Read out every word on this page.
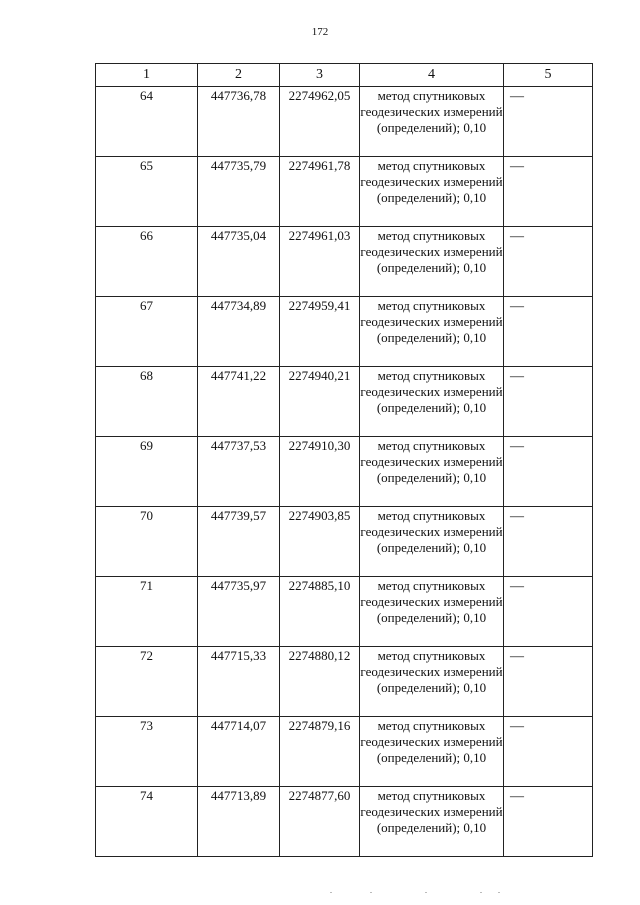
172
1	2	3	4	5
64	447736,78	2274962,05	метод спутниковых геодезических измерений (определений); 0,10	—
65	447735,79	2274961,78	метод спутниковых геодезических измерений (определений); 0,10	—
66	447735,04	2274961,03	метод спутниковых геодезических измерений (определений); 0,10	—
67	447734,89	2274959,41	метод спутниковых геодезических измерений (определений); 0,10	—
68	447741,22	2274940,21	метод спутниковых геодезических измерений (определений); 0,10	—
69	447737,53	2274910,30	метод спутниковых геодезических измерений (определений); 0,10	—
70	447739,57	2274903,85	метод спутниковых геодезических измерений (определений); 0,10	—
71	447735,97	2274885,10	метод спутниковых геодезических измерений (определений); 0,10	—
72	447715,33	2274880,12	метод спутниковых геодезических измерений (определений); 0,10	—
73	447714,07	2274879,16	метод спутниковых геодезических измерений (определений); 0,10	—
74	447713,89	2274877,60	метод спутниковых геодезических измерений (определений); 0,10	—
